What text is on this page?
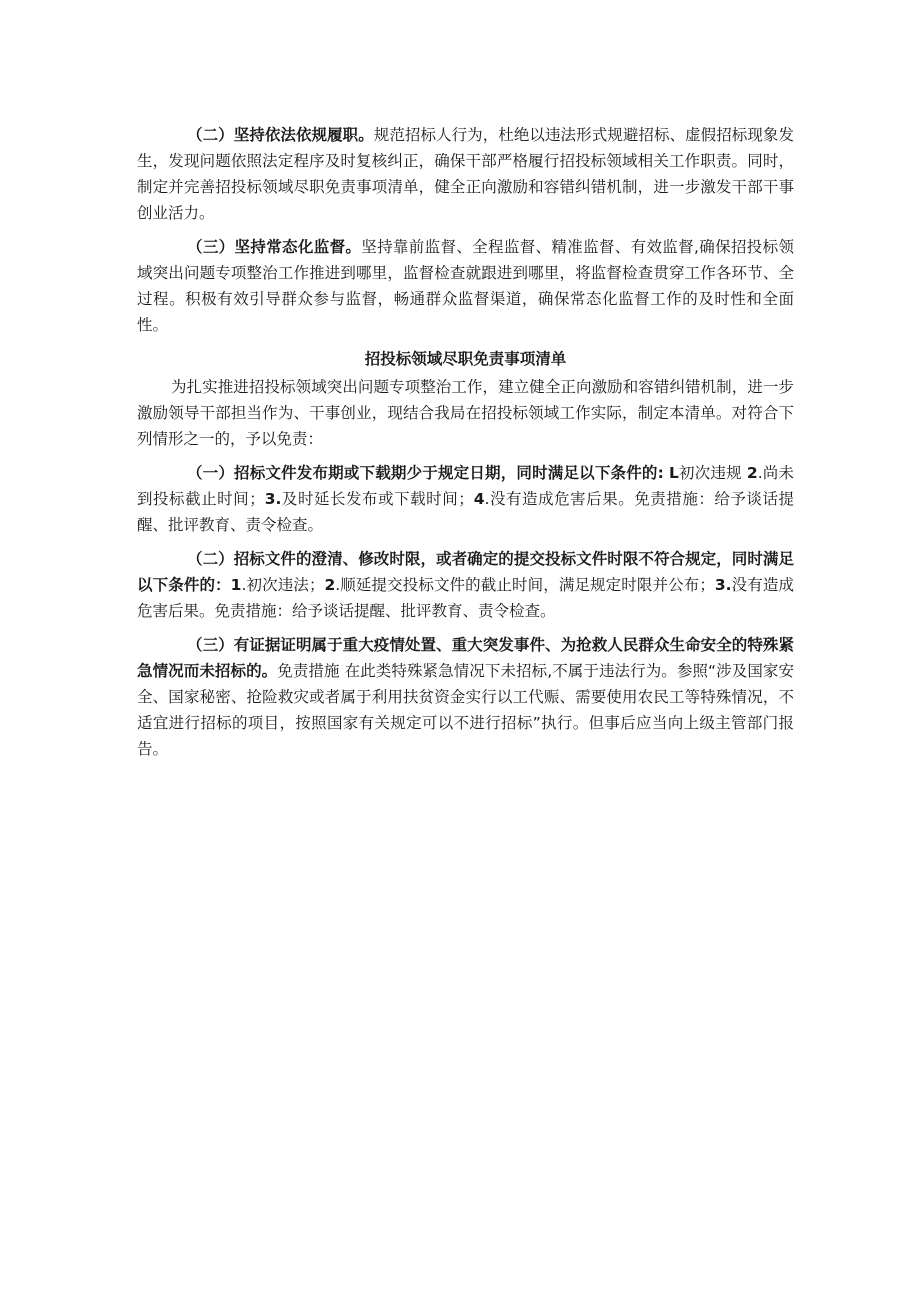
（二）坚持依法依规履职。规范招标人行为，杜绝以违法形式规避招标、虚假招标现象发生，发现问题依照法定程序及时复核纠正，确保干部严格履行招投标领域相关工作职责。同时，制定并完善招投标领域尽职免责事项清单，健全正向激励和容错纠错机制，进一步激发干部干事创业活力。

（三）坚持常态化监督。坚持靠前监督、全程监督、精准监督、有效监督,确保招投标领域突出问题专项整治工作推进到哪里，监督检查就跟进到哪里，将监督检查贯穿工作各环节、全过程。积极有效引导群众参与监督，畅通群众监督渠道，确保常态化监督工作的及时性和全面性。

招投标领域尽职免责事项清单

为扎实推进招投标领域突出问题专项整治工作，建立健全正向激励和容错纠错机制，进一步激励领导干部担当作为、干事创业，现结合我局在招投标领域工作实际，制定本清单。对符合下列情形之一的，予以免责：

（一）招标文件发布期或下载期少于规定日期，同时满足以下条件的: L初次违规 2.尚未到投标截止时间；3.及时延长发布或下载时间；4.没有造成危害后果。免责措施：给予谈话提醒、批评教育、责令检查。

（二）招标文件的澄清、修改时限，或者确定的提交投标文件时限不符合规定，同时满足以下条件的：1.初次违法；2.顺延提交投标文件的截止时间，满足规定时限并公布；3.没有造成危害后果。免责措施：给予谈话提醒、批评教育、责令检查。

（三）有证据证明属于重大疫情处置、重大突发事件、为抢救人民群众生命安全的特殊紧急情况而未招标的。免责措施 在此类特殊紧急情况下未招标,不属于违法行为。参照“涉及国家安全、国家秘密、抢险救灾或者属于利用扶贫资金实行以工代赈、需要使用农民工等特殊情况，不适宜进行招标的项目，按照国家有关规定可以不进行招标”执行。但事后应当向上级主管部门报告。
